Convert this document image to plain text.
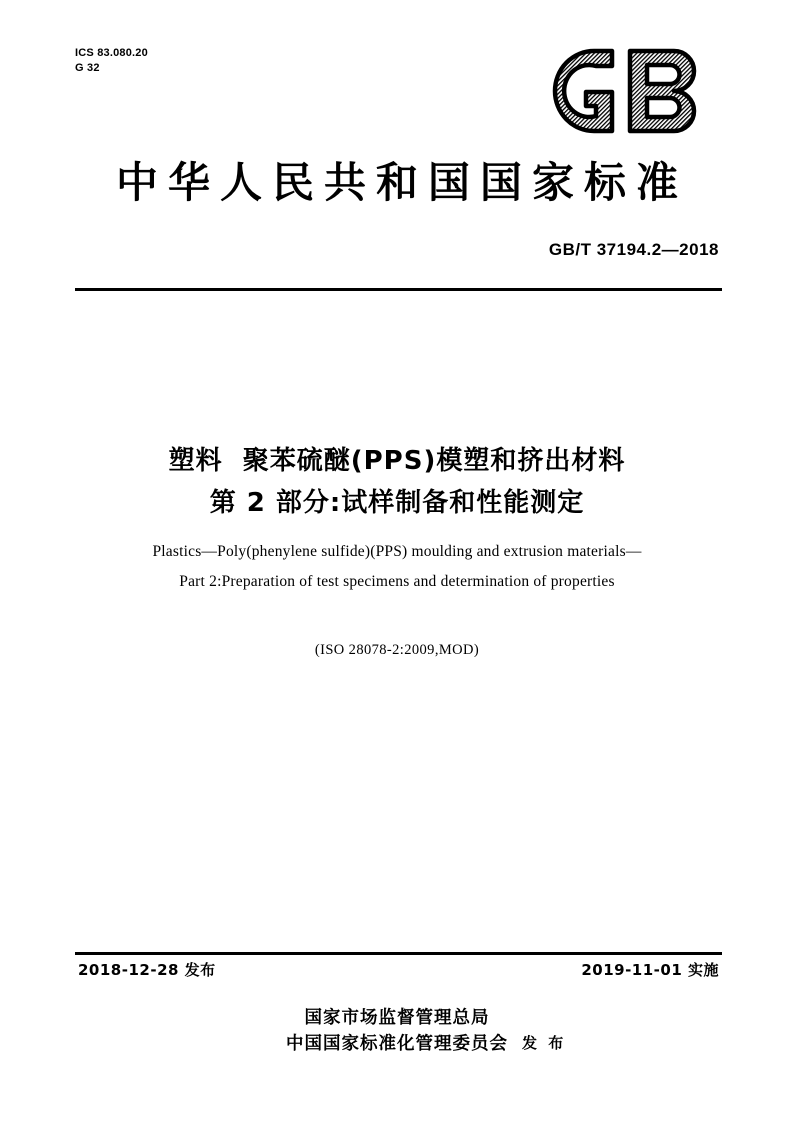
ICS 83.080.20
G 32
中华人民共和国国家标准
GB/T 37194.2—2018
塑料  聚苯硫醚(PPS)模塑和挤出材料
第 2 部分:试样制备和性能测定
Plastics—Poly(phenylene sulfide)(PPS) moulding and extrusion materials—
Part 2:Preparation of test specimens and determination of properties
(ISO 28078-2:2009,MOD)
2018-12-28 发布	2019-11-01 实施
国家市场监督管理总局
中国国家标准化管理委员会 发 布
